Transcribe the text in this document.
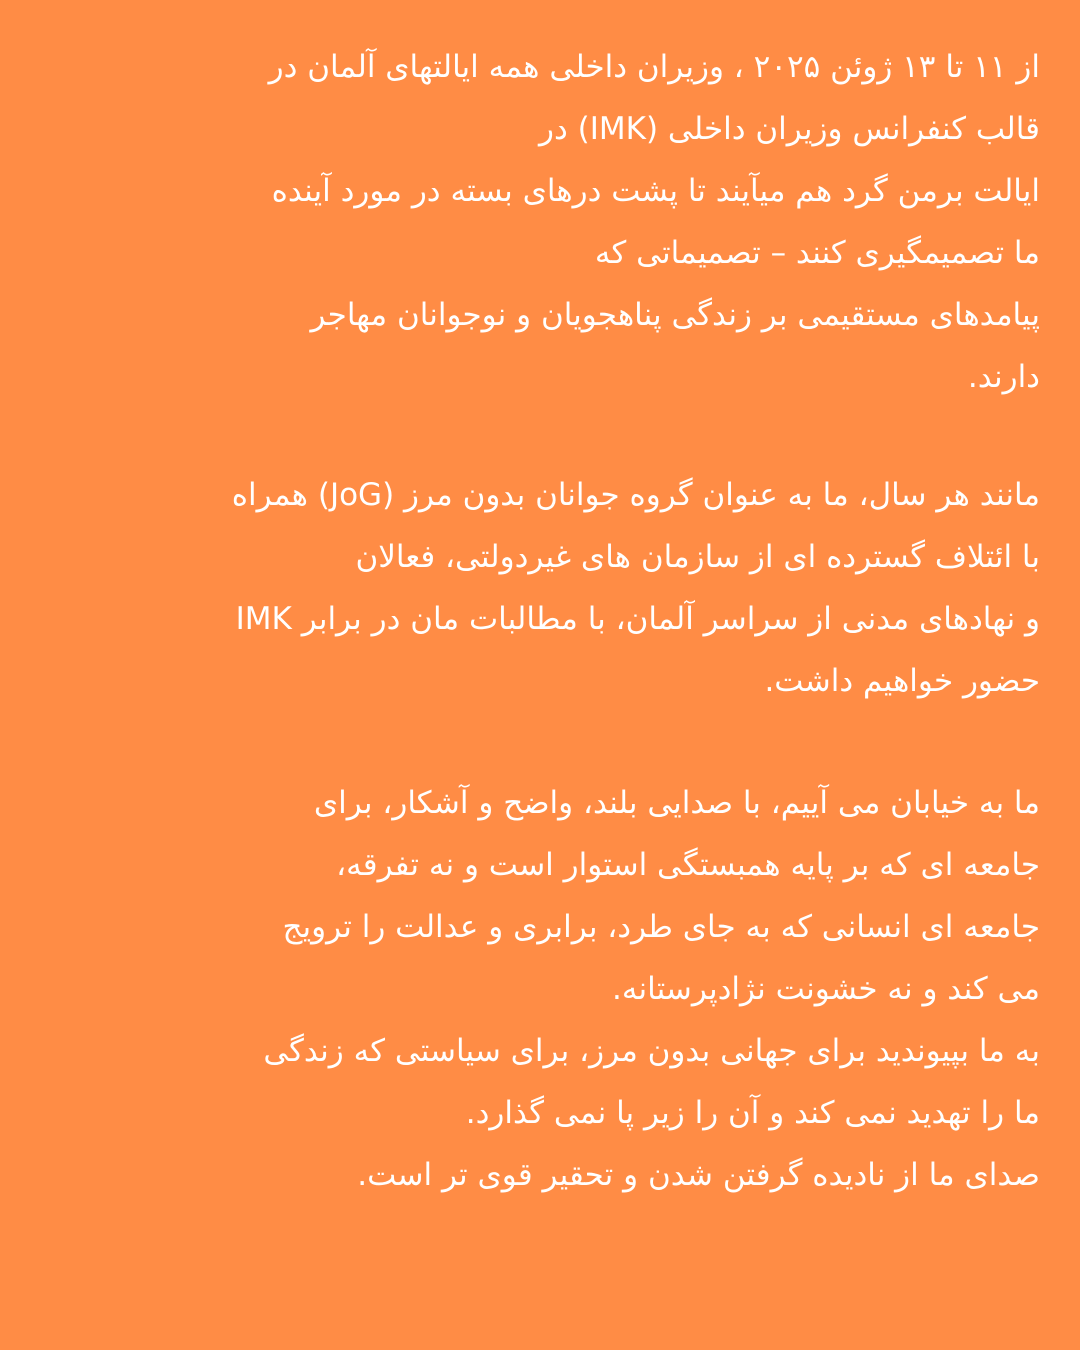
از ۱۱ تا ۱۳ ژوئن ۲۰۲۵ ، وزیران داخلی همه ایالتهای آلمان در
قالب کنفرانس وزیران داخلی (IMK) در
ایالت برمن گرد هم میآیند تا پشت درهای بسته در مورد آینده
ما تصمیمگیری کنند – تصمیماتی که
پیامدهای مستقیمی بر زندگی پناهجویان و نوجوانان مهاجر
دارند.
مانند هر سال، ما به عنوان گروه جوانان بدون مرز (JoG) همراه
با ائتلاف گسترده ای از سازمان های غیردولتی، فعالان
و نهادهای مدنی از سراسر آلمان، با مطالبات مان در برابر IMK
حضور خواهیم داشت.
ما به خیابان می آییم، با صدایی بلند، واضح و آشکار، برای
جامعه ای که بر پایه همبستگی استوار است و نه تفرقه،
جامعه ای انسانی که به جای طرد، برابری و عدالت را ترویج
می کند و نه خشونت نژادپرستانه.
به ما بپیوندید برای جهانی بدون مرز، برای سیاستی که زندگی
ما را تهدید نمی کند و آن را زیر پا نمی گذارد.
صدای ما از نادیده گرفتن شدن و تحقیر قوی تر است.
